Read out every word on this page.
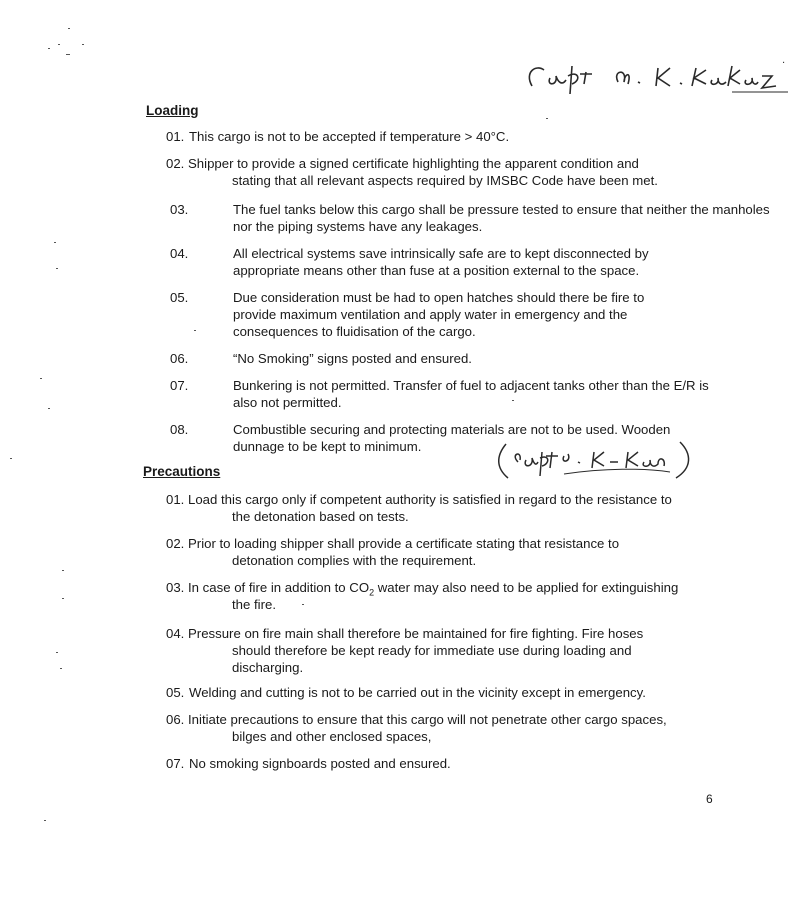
·
Loading
01. This cargo is not to be accepted if temperature > 40°C.
02. Shipper to provide a signed certificate highlighting the apparent condition and
stating that all relevant aspects required by IMSBC Code have been met.
03.	The fuel tanks below this cargo shall be pressure tested to ensure that neither the manholes nor the piping systems have any leakages.
04.	All electrical systems save intrinsically safe are to kept disconnected by appropriate means other than fuse at a position external to the space.
05.	Due consideration must be had to open hatches should there be fire to provide maximum ventilation and apply water in emergency and the consequences to fluidisation of the cargo.
06.	“No Smoking” signs posted and ensured.
07.	Bunkering is not permitted. Transfer of fuel to adjacent tanks other than the E/R is also not permitted.
08.	Combustible securing and protecting materials are not to be used. Wooden dunnage to be kept to minimum.
Precautions
01. Load this cargo only if competent authority is satisfied in regard to the resistance to
the detonation based on tests.
02. Prior to loading shipper shall provide a certificate stating that resistance to
detonation complies with the requirement.
03. In case of fire in addition to $CO_2$ water may also need to be applied for extinguishing
the fire.
04. Pressure on fire main shall therefore be maintained for fire fighting. Fire hoses
should therefore be kept ready for immediate use during loading and discharging.
05. Welding and cutting is not to be carried out in the vicinity except in emergency.
06. Initiate precautions to ensure that this cargo will not penetrate other cargo spaces,
bilges and other enclosed spaces,
07. No smoking signboards posted and ensured.
6
